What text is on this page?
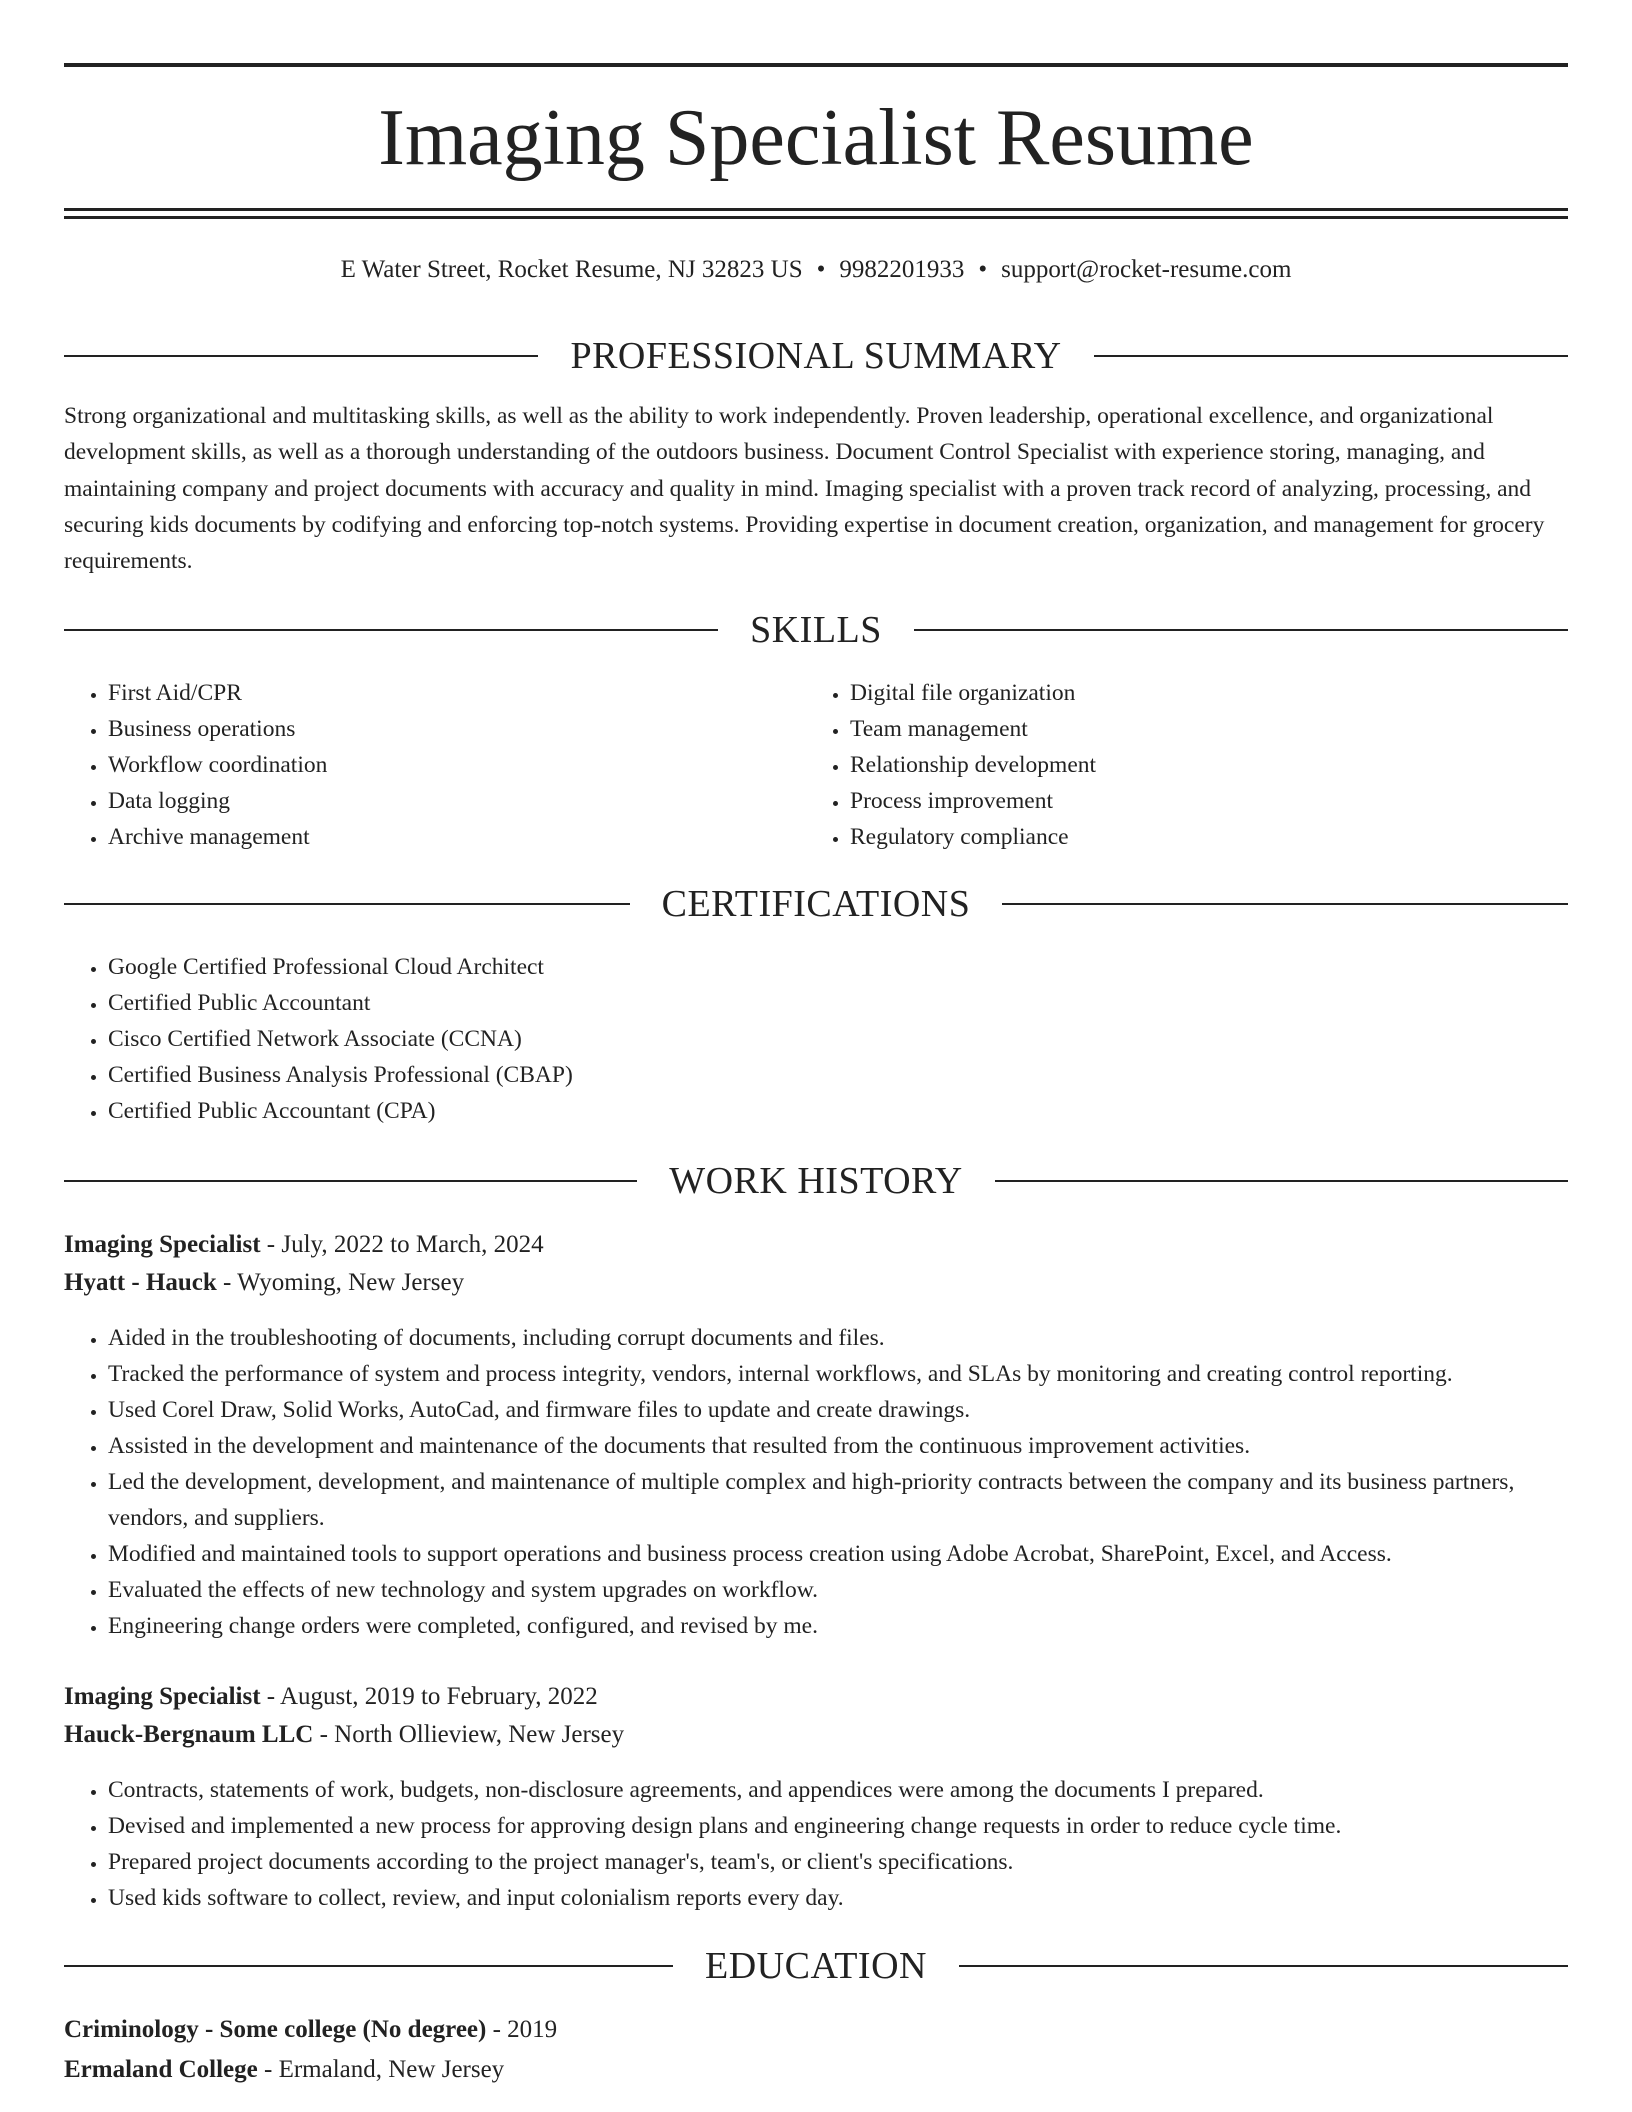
Imaging Specialist Resume
E Water Street, Rocket Resume, NJ 32823 US • 9982201933 • support@rocket-resume.com
PROFESSIONAL SUMMARY

Strong organizational and multitasking skills, as well as the ability to work independently. Proven leadership, operational excellence, and organizational development skills, as well as a thorough understanding of the outdoors business. Document Control Specialist with experience storing, managing, and maintaining company and project documents with accuracy and quality in mind. Imaging specialist with a proven track record of analyzing, processing, and securing kids documents by codifying and enforcing top-notch systems. Providing expertise in document creation, organization, and management for grocery requirements.

SKILLS
• First Aid/CPR
• Business operations
• Workflow coordination
• Data logging
• Archive management
• Digital file organization
• Team management
• Relationship development
• Process improvement
• Regulatory compliance
CERTIFICATIONS
• Google Certified Professional Cloud Architect
• Certified Public Accountant
• Cisco Certified Network Associate (CCNA)
• Certified Business Analysis Professional (CBAP)
• Certified Public Accountant (CPA)
WORK HISTORY

Imaging Specialist - July, 2022 to March, 2024

Hyatt - Hauck - Wyoming, New Jersey

• Aided in the troubleshooting of documents, including corrupt documents and files.
• Tracked the performance of system and process integrity, vendors, internal workflows, and SLAs by monitoring and creating control reporting.
• Used Corel Draw, Solid Works, AutoCad, and firmware files to update and create drawings.
• Assisted in the development and maintenance of the documents that resulted from the continuous improvement activities.
• Led the development, development, and maintenance of multiple complex and high-priority contracts between the company and its business partners, vendors, and suppliers.
• Modified and maintained tools to support operations and business process creation using Adobe Acrobat, SharePoint, Excel, and Access.
• Evaluated the effects of new technology and system upgrades on workflow.
• Engineering change orders were completed, configured, and revised by me.

Imaging Specialist - August, 2019 to February, 2022

Hauck-Bergnaum LLC - North Ollieview, New Jersey

• Contracts, statements of work, budgets, non-disclosure agreements, and appendices were among the documents I prepared.
• Devised and implemented a new process for approving design plans and engineering change requests in order to reduce cycle time.
• Prepared project documents according to the project manager's, team's, or client's specifications.
• Used kids software to collect, review, and input colonialism reports every day.
EDUCATION

Criminology - Some college (No degree) - 2019

Ermaland College - Ermaland, New Jersey
